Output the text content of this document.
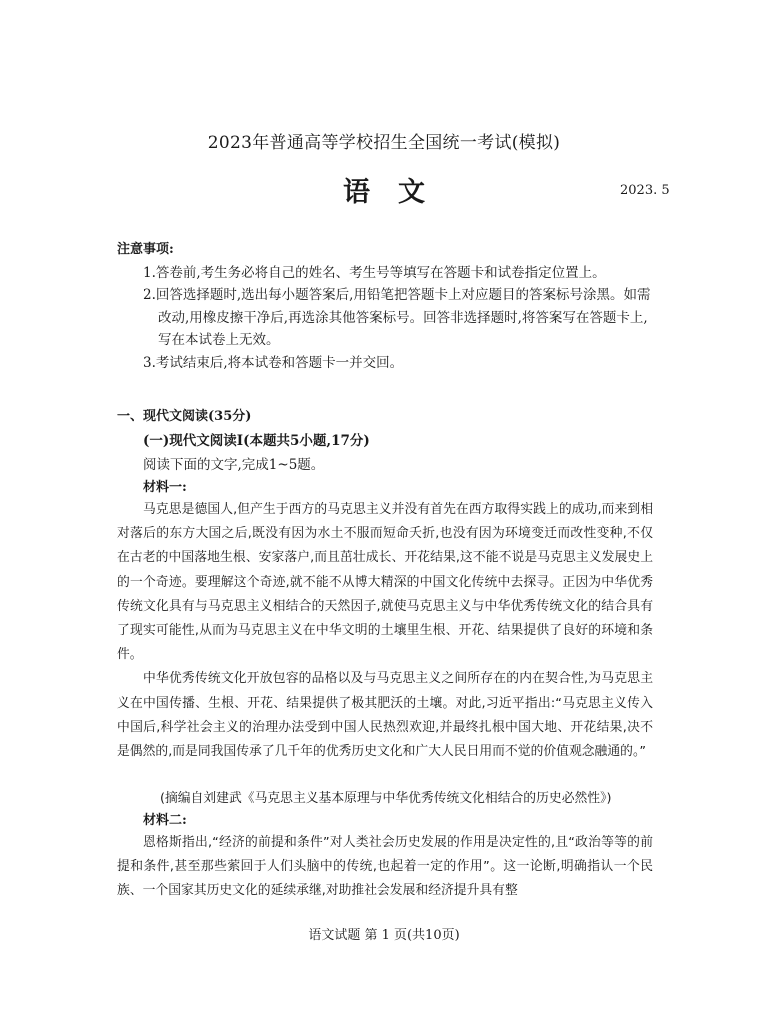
2023年普通高等学校招生全国统一考试(模拟)
语文	2023. 5
注意事项:
1.答卷前,考生务必将自己的姓名、考生号等填写在答题卡和试卷指定位置上。
2.回答选择题时,选出每小题答案后,用铅笔把答题卡上对应题目的答案标号涂黑。如需改动,用橡皮擦干净后,再选涂其他答案标号。回答非选择题时,将答案写在答题卡上,写在本试卷上无效。
3.考试结束后,将本试卷和答题卡一并交回。
一、现代文阅读(35分)
(一)现代文阅读Ⅰ(本题共5小题,17分)
阅读下面的文字,完成1~5题。
材料一:

马克思是德国人,但产生于西方的马克思主义并没有首先在西方取得实践上的成功,而来到相对落后的东方大国之后,既没有因为水土不服而短命夭折,也没有因为环境变迁而改性变种,不仅在古老的中国落地生根、安家落户,而且茁壮成长、开花结果,这不能不说是马克思主义发展史上的一个奇迹。要理解这个奇迹,就不能不从博大精深的中国文化传统中去探寻。正因为中华优秀传统文化具有与马克思主义相结合的天然因子,就使马克思主义与中华优秀传统文化的结合具有了现实可能性,从而为马克思主义在中华文明的土壤里生根、开花、结果提供了良好的环境和条件。

中华优秀传统文化开放包容的品格以及与马克思主义之间所存在的内在契合性,为马克思主义在中国传播、生根、开花、结果提供了极其肥沃的土壤。对此,习近平指出:“马克思主义传入中国后,科学社会主义的治理办法受到中国人民热烈欢迎,并最终扎根中国大地、开花结果,决不是偶然的,而是同我国传承了几千年的优秀历史文化和广大人民日用而不觉的价值观念融通的。”

(摘编自刘建武《马克思主义基本原理与中华优秀传统文化相结合的历史必然性》)
材料二:

恩格斯指出,“经济的前提和条件”对人类社会历史发展的作用是决定性的,且“政治等等的前提和条件,甚至那些萦回于人们头脑中的传统,也起着一定的作用”。这一论断,明确指认一个民族、一个国家其历史文化的延续承继,对助推社会发展和经济提升具有整

语文试题 第 1 页(共10页)
